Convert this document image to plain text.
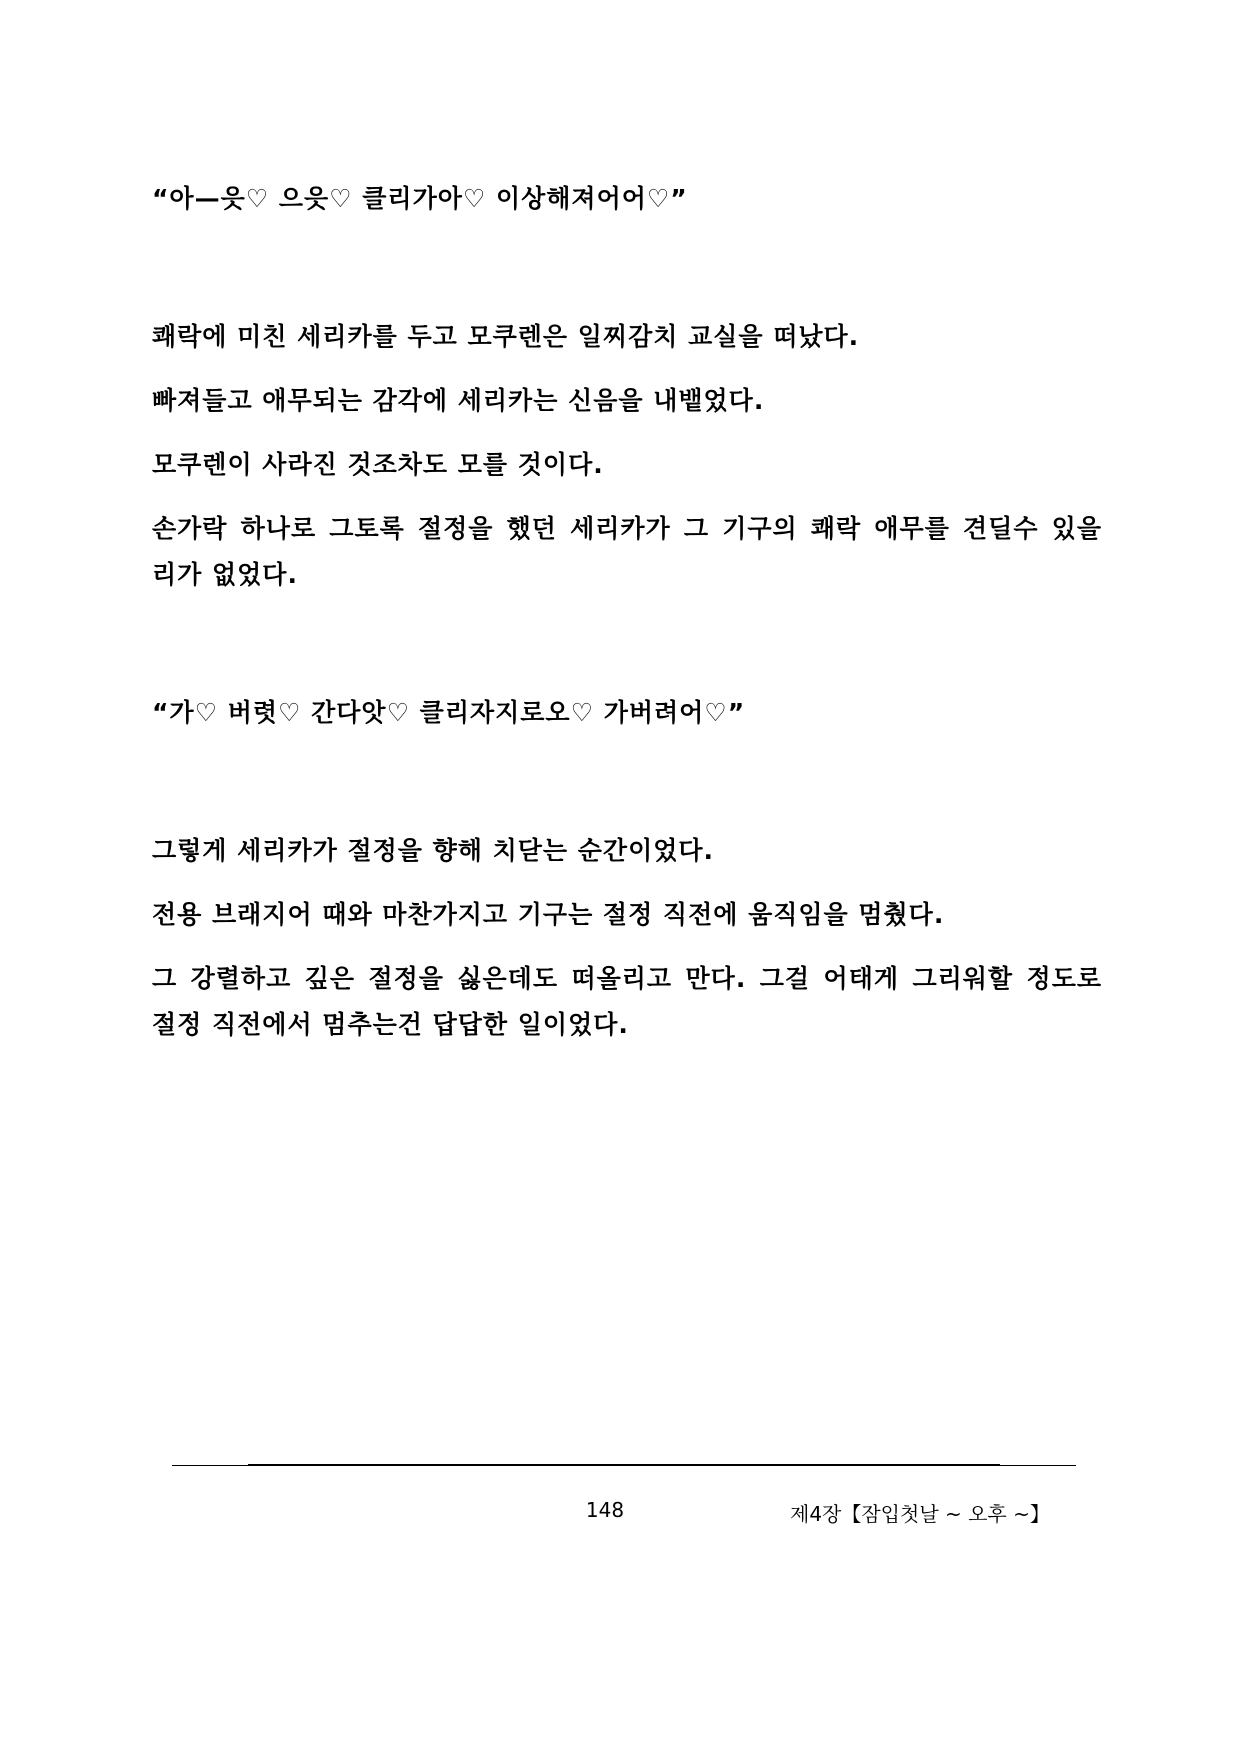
“아—읏♡ 으읏♡ 클리가아♡ 이상해져어어♡”

쾌락에 미친 세리카를 두고 모쿠렌은 일찌감치 교실을 떠났다.

빠져들고 애무되는 감각에 세리카는 신음을 내뱉었다.

모쿠렌이 사라진 것조차도 모를 것이다.

손가락 하나로 그토록 절정을 했던 세리카가 그 기구의 쾌락 애무를 견딜수 있을 리가 없었다.

“가♡ 버렷♡ 간다앗♡ 클리자지로오♡ 가버려어♡”

그렇게 세리카가 절정을 향해 치닫는 순간이었다.

전용 브래지어 때와 마찬가지고 기구는 절정 직전에 움직임을 멈췄다.

그 강렬하고 깊은 절정을 싫은데도 떠올리고 만다. 그걸 어태게 그리워할 정도로 절정 직전에서 멈추는건 답답한 일이었다.

148	제4장【잠입첫날 ~ 오후 ~】
